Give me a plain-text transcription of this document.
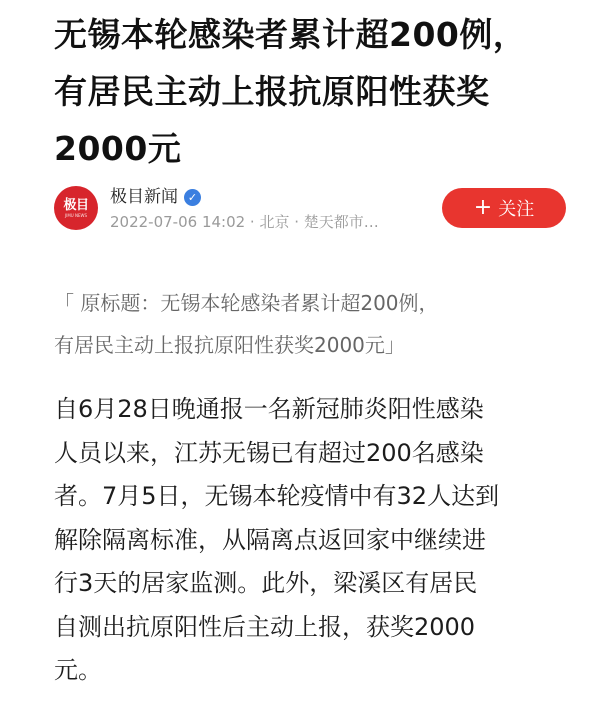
无锡本轮感染者累计超200例，
有居民主动上报抗原阳性获奖
2000元
极目
JIMU NEWS
极目新闻 ✓
2022-07-06 14:02 · 北京 · 楚天都市…
+ 关注
「 原标题：无锡本轮感染者累计超200例，
有居民主动上报抗原阳性获奖2000元」
自6月28日晚通报一名新冠肺炎阳性感染
人员以来，江苏无锡已有超过200名感染
者。7月5日，无锡本轮疫情中有32人达到
解除隔离标准，从隔离点返回家中继续进
行3天的居家监测。此外，梁溪区有居民
自测出抗原阳性后主动上报，获奖2000
元。
